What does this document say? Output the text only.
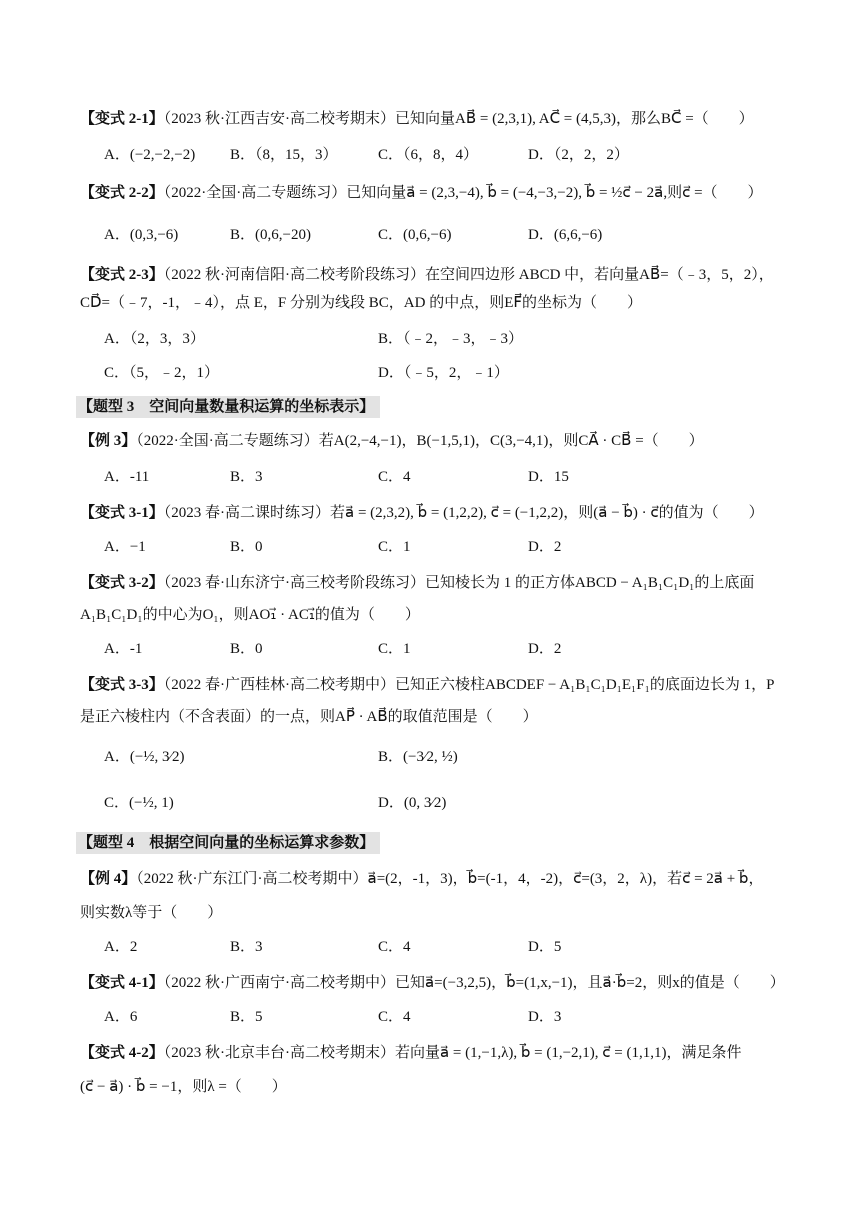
【变式 2-1】（2023 秋·江西吉安·高二校考期末）已知向量AB⃗ = (2,3,1), AC⃗ = (4,5,3)，那么BC⃗ =（　　）
A．(−2,−2,−2) B．（8，15，3）	C．（6，8，4）	D．（2，2，2）
【变式 2-2】（2022·全国·高二专题练习）已知向量a⃗ = (2,3,−4), b⃗ = (−4,−3,−2), b⃗ = ½c⃗ − 2a⃗,则c⃗ =（　　）
A．(0,3,−6)	B．(0,6,−20)	C．(0,6,−6)	D．(6,6,−6)
【变式 2-3】（2022 秋·河南信阳·高二校考阶段练习）在空间四边形 ABCD 中，若向量AB⃗=（﹣3，5，2），
CD⃗=（﹣7，-1，﹣4），点 E，F 分别为线段 BC，AD 的中点，则EF⃗的坐标为（　　）
A．（2，3，3）	B．（﹣2，﹣3，﹣3）
C．（5，﹣2，1）	D．（﹣5，2，﹣1）
【题型 3　空间向量数量积运算的坐标表示】
【例 3】（2022·全国·高二专题练习）若A(2,−4,−1)，B(−1,5,1)，C(3,−4,1)，则CA⃗ · CB⃗ =（　　）
A．-11	B．3	C．4	D．15
【变式 3-1】（2023 春·高二课时练习）若a⃗ = (2,3,2), b⃗ = (1,2,2), c⃗ = (−1,2,2)，则(a⃗ − b⃗) · c⃗的值为（　　）
A．−1	B．0	C．1	D．2
【变式 3-2】（2023 春·山东济宁·高三校考阶段练习）已知棱长为 1 的正方体ABCD − A₁B₁C₁D₁的上底面
A₁B₁C₁D₁的中心为O₁，则AO₁⃗ · AC₁⃗的值为（　　）
A．-1	B．0	C．1	D．2
【变式 3-3】（2022 春·广西桂林·高二校考期中）已知正六棱柱ABCDEF − A₁B₁C₁D₁E₁F₁的底面边长为 1，P
是正六棱柱内（不含表面）的一点，则AP⃗ · AB⃗的取值范围是（　　）
A．(−½, 3⁄2)	B．(−3⁄2, ½)
C．(−½, 1)	D．(0, 3⁄2)
【题型 4　根据空间向量的坐标运算求参数】
【例 4】（2022 秋·广东江门·高二校考期中）a⃗=(2，-1，3)，b⃗=(-1，4，-2)，c⃗=(3，2，λ)，若c⃗ = 2a⃗ + b⃗，
则实数λ等于（　　）
A．2	B．3	C．4	D．5
【变式 4-1】（2022 秋·广西南宁·高二校考期中）已知a⃗=(−3,2,5)，b⃗=(1,x,−1)，且a⃗·b⃗=2，则x的值是（　　）
A．6	B．5	C．4	D．3
【变式 4-2】（2023 秋·北京丰台·高二校考期末）若向量a⃗ = (1,−1,λ), b⃗ = (1,−2,1), c⃗ = (1,1,1)，满足条件
(c⃗ − a⃗) · b⃗ = −1，则λ =（　　）
